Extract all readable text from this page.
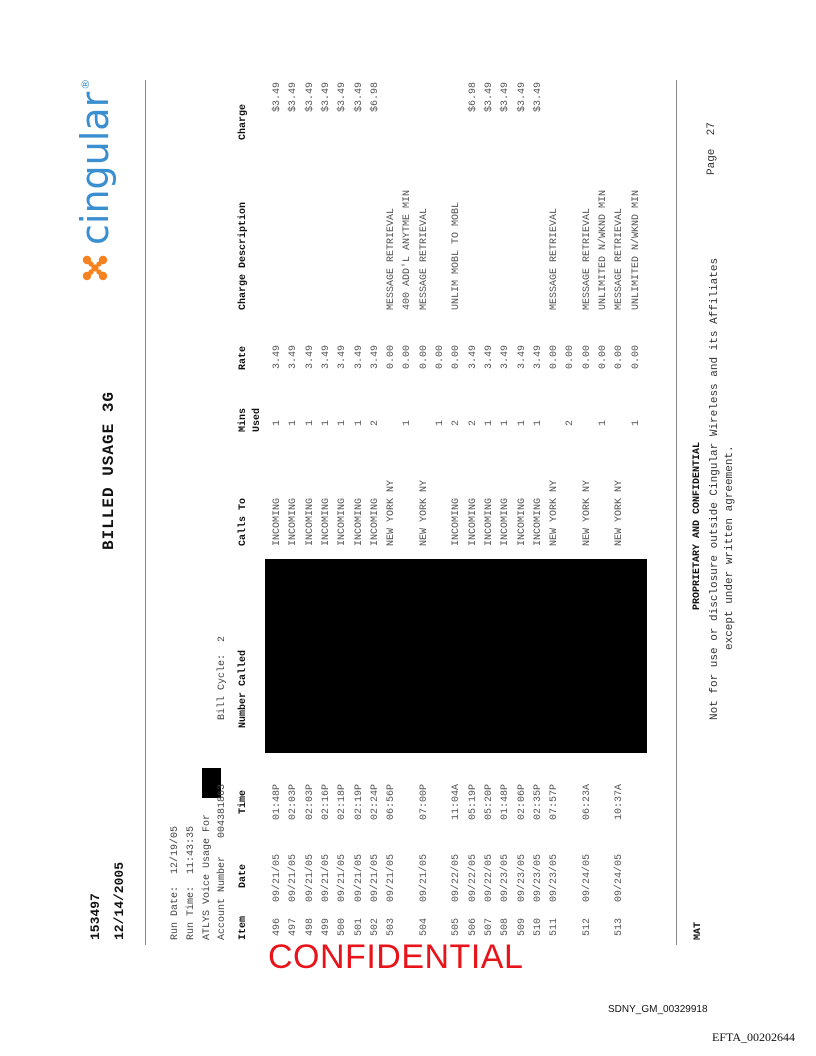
153497 12/14/2005
BILLED USAGE 3G
cingular
®
Run Date:  12/19/05
Run Time:  11:43:35 ATLYS Voice Usage For Account Number   004381863
Bill Cycle:  2
Item
Date
Time
Number Called
Calls To
Mins Used
Rate
Charge Description
Charge
496
09/21/05
01:48P
INCOMING
1
3.49
$3.49
497
09/21/05
02:03P
INCOMING
1
3.49
$3.49
498
09/21/05
02:03P
INCOMING
1
3.49
$3.49
499
09/21/05
02:16P
INCOMING
1
3.49
$3.49
500
09/21/05
02:18P
INCOMING
1
3.49
$3.49
501
09/21/05
02:19P
INCOMING
1
3.49
$3.49
502
09/21/05
02:24P
INCOMING
2
3.49
$6.98
503
09/21/05
06:56P
NEW YORK NY
0.00
MESSAGE RETRIEVAL
1
0.00
400 ADD'L ANYTME MIN
504
09/21/05
07:00P
NEW YORK NY
0.00
MESSAGE RETRIEVAL
1
0.00
505
09/22/05
11:04A
INCOMING
2
0.00
UNLIM MOBL TO MOBL
506
09/22/05
05:19P
INCOMING
2
3.49
$6.98
507
09/22/05
05:20P
INCOMING
1
3.49
$3.49
508
09/23/05
01:48P
INCOMING
1
3.49
$3.49
509
09/23/05
02:06P
INCOMING
1
3.49
$3.49
510
09/23/05
02:35P
INCOMING
1
3.49
$3.49
511
09/23/05
07:57P
NEW YORK NY
0.00
MESSAGE RETRIEVAL
2
0.00
512
09/24/05
06:23A
NEW YORK NY
0.00
MESSAGE RETRIEVAL
1
0.00
UNLIMITED N/WKND MIN
513
09/24/05
10:37A
NEW YORK NY
0.00
MESSAGE RETRIEVAL
1
0.00
UNLIMITED N/WKND MIN
MAT
PROPRIETARY AND CONFIDENTIAL Not for use or disclosure outside Cingular Wireless and its Affiliates except under written agreement.
Page  27
CONFIDENTIAL
SDNY_GM_00329918
EFTA_00202644
